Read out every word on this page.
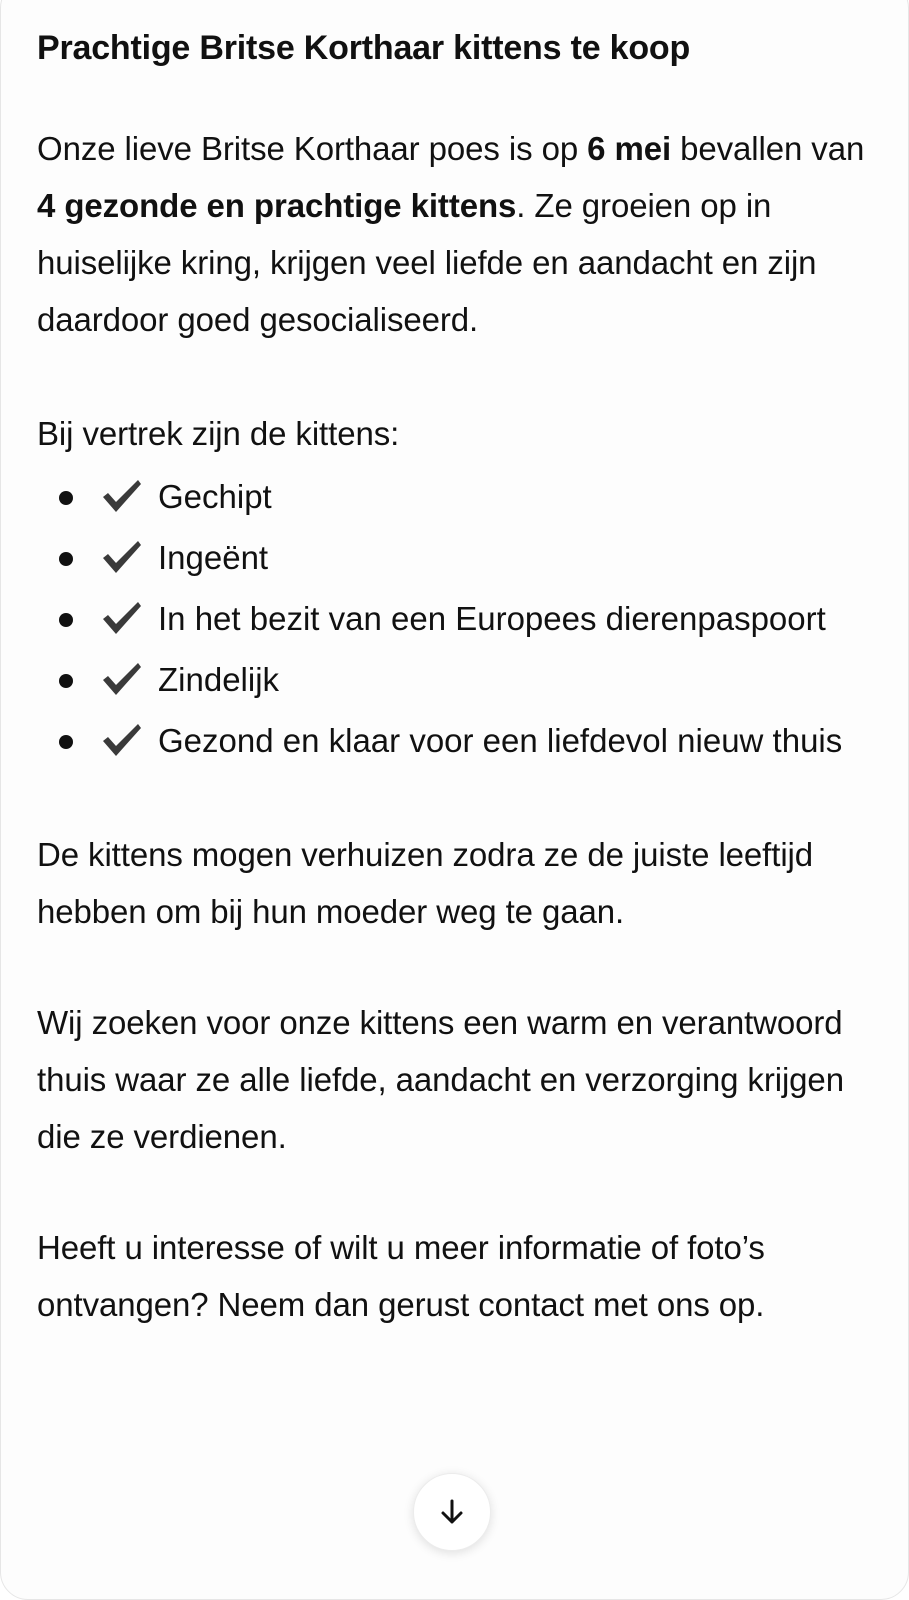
Prachtige Britse Korthaar kittens te koop

Onze lieve Britse Korthaar poes is op 6 mei bevallen van 4 gezonde en prachtige kittens. Ze groeien op in huiselijke kring, krijgen veel liefde en aandacht en zijn daardoor goed gesocialiseerd.

Bij vertrek zijn de kittens:

Gechipt
Ingeënt
In het bezit van een Europees dierenpaspoort
Zindelijk
Gezond en klaar voor een liefdevol nieuw thuis

De kittens mogen verhuizen zodra ze de juiste leeftijd hebben om bij hun moeder weg te gaan.

Wij zoeken voor onze kittens een warm en verantwoord thuis waar ze alle liefde, aandacht en verzorging krijgen die ze verdienen.

Heeft u interesse of wilt u meer informatie of foto’s ontvangen? Neem dan gerust contact met ons op.
